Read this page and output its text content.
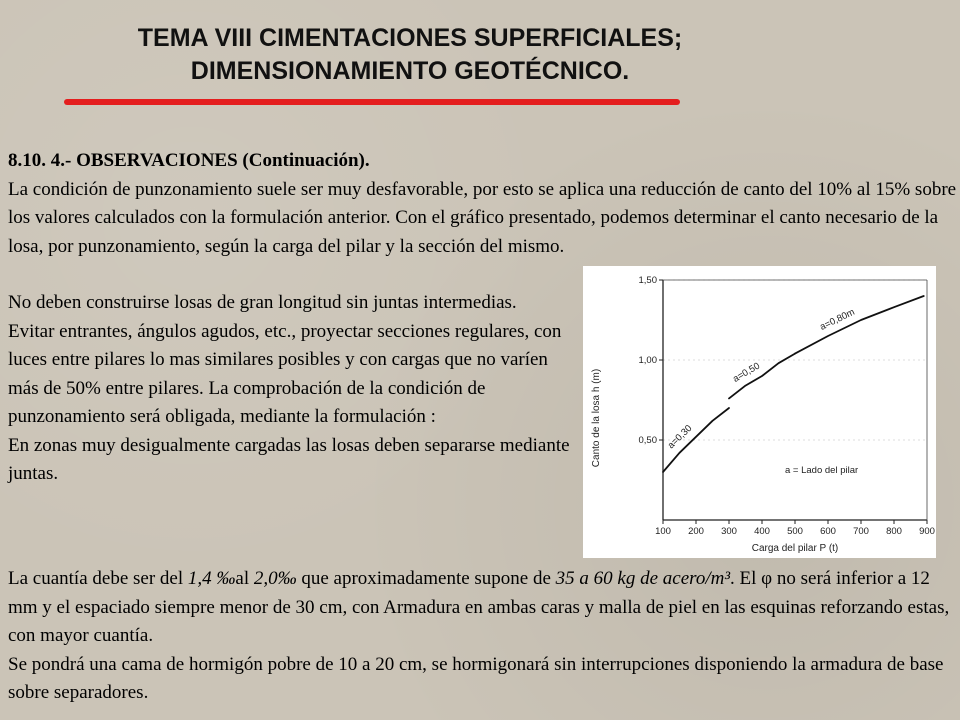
TEMA VIII CIMENTACIONES SUPERFICIALES;
DIMENSIONAMIENTO GEOTÉCNICO.
8.10. 4.- OBSERVACIONES (Continuación).
La condición de punzonamiento suele ser muy desfavorable, por esto se aplica una reducción de canto del 10% al 15% sobre los valores calculados con la formulación anterior. Con el gráfico presentado, podemos determinar el canto necesario de la losa, por punzonamiento, según la carga del pilar y la sección del mismo.
No deben construirse losas de gran longitud sin juntas intermedias.
Evitar entrantes, ángulos agudos, etc., proyectar secciones regulares, con luces entre pilares lo mas similares posibles y con cargas que no varíen más de 50% entre pilares. La comprobación de la condición de punzonamiento será obligada, mediante la formulación :
En zonas muy desigualmente cargadas las losas deben separarse mediante juntas.
0,50
1,00
1,50
100 200 300 400 500 600 700 800 900
a=0,30
a=0,50
a=0,80m
Canto de la losa h (m)
Carga del pilar P (t)
a = Lado del pilar
La cuantía debe ser del 1,4 ‰al 2,0‰ que aproximadamente supone de 35 a 60 kg de acero/m³. El φ no será inferior a 12 mm y el espaciado siempre menor de 30 cm, con Armadura en ambas caras y malla de piel en las esquinas reforzando estas, con mayor cuantía.
Se pondrá una cama de hormigón pobre de 10 a 20 cm, se hormigonará sin interrupciones disponiendo la armadura de base sobre separadores.
